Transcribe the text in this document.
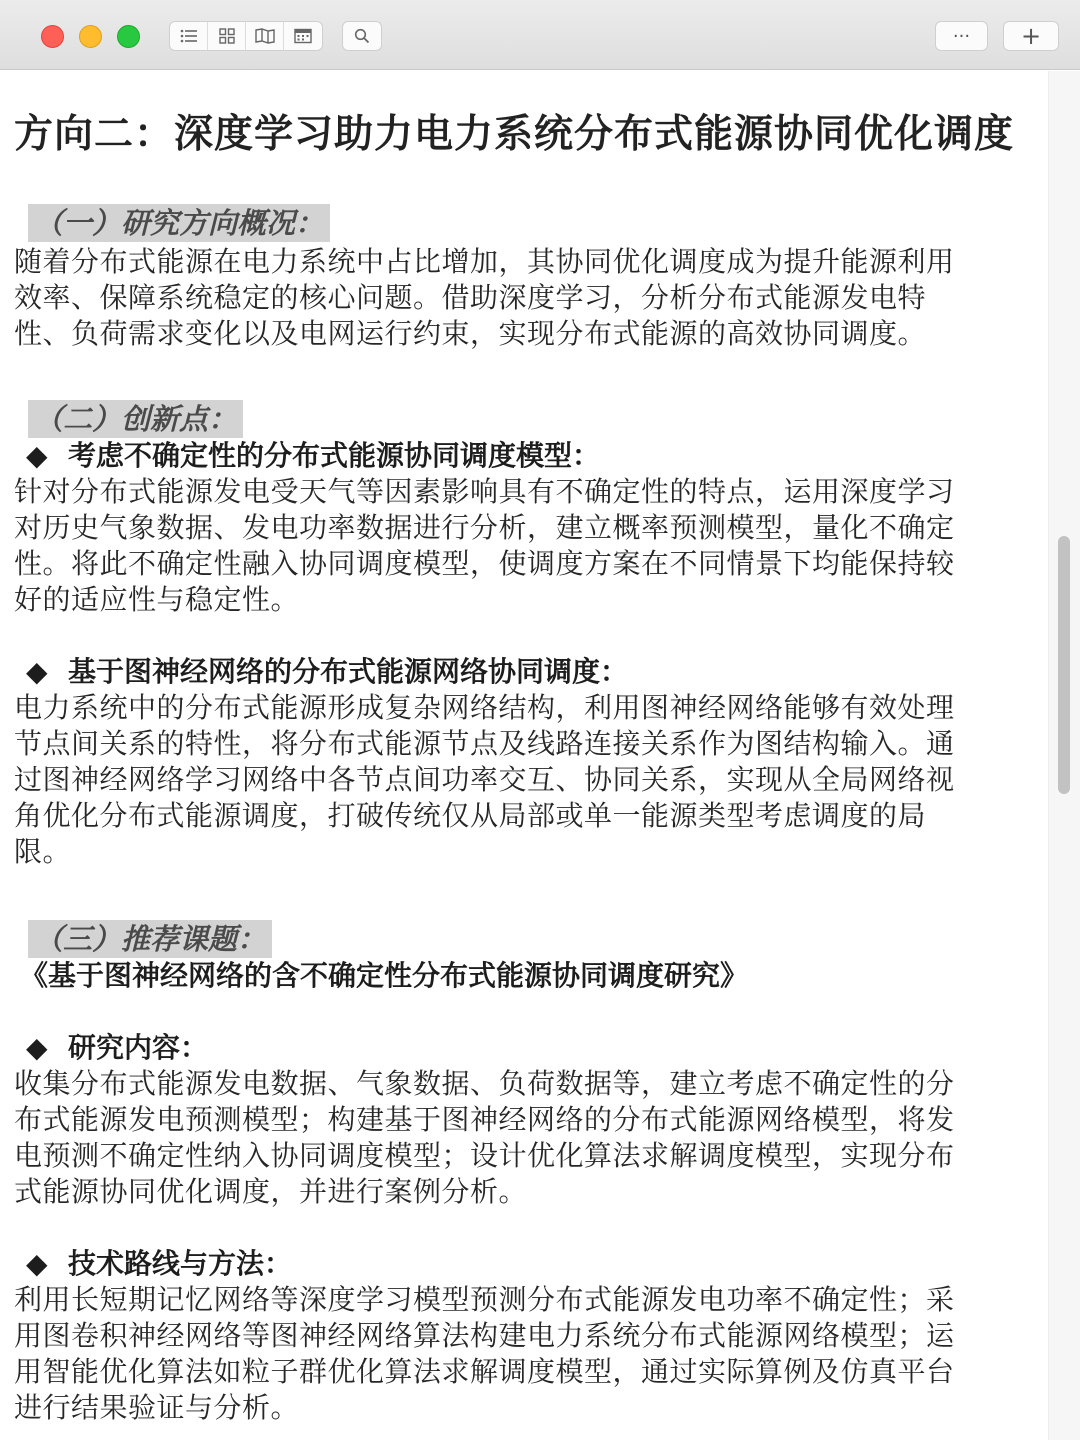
···	+
方向二：深度学习助力电力系统分布式能源协同优化调度
（一）研究方向概况：

随着分布式能源在电力系统中占比增加，其协同优化调度成为提升能源利用
效率、保障系统稳定的核心问题。借助深度学习，分析分布式能源发电特
性、负荷需求变化以及电网运行约束，实现分布式能源的高效协同调度。

（二）创新点：
◆ 考虑不确定性的分布式能源协同调度模型：

针对分布式能源发电受天气等因素影响具有不确定性的特点，运用深度学习
对历史气象数据、发电功率数据进行分析，建立概率预测模型，量化不确定
性。将此不确定性融入协同调度模型，使调度方案在不同情景下均能保持较
好的适应性与稳定性。

◆ 基于图神经网络的分布式能源网络协同调度：

电力系统中的分布式能源形成复杂网络结构，利用图神经网络能够有效处理
节点间关系的特性，将分布式能源节点及线路连接关系作为图结构输入。通
过图神经网络学习网络中各节点间功率交互、协同关系，实现从全局网络视
角优化分布式能源调度，打破传统仅从局部或单一能源类型考虑调度的局
限。

（三）推荐课题：
《基于图神经网络的含不确定性分布式能源协同调度研究》
◆ 研究内容：

收集分布式能源发电数据、气象数据、负荷数据等，建立考虑不确定性的分
布式能源发电预测模型；构建基于图神经网络的分布式能源网络模型，将发
电预测不确定性纳入协同调度模型；设计优化算法求解调度模型，实现分布
式能源协同优化调度，并进行案例分析。

◆ 技术路线与方法：

利用长短期记忆网络等深度学习模型预测分布式能源发电功率不确定性；采
用图卷积神经网络等图神经网络算法构建电力系统分布式能源网络模型；运
用智能优化算法如粒子群优化算法求解调度模型，通过实际算例及仿真平台
进行结果验证与分析。
